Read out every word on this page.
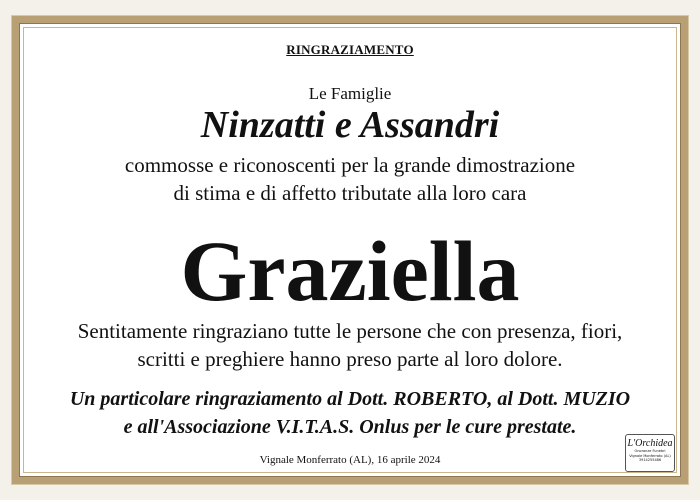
RINGRAZIAMENTO
Le Famiglie
Ninzatti e Assandri
commosse e riconoscenti per la grande dimostrazione
di stima e di affetto tributate alla loro cara
Graziella
Sentitamente ringraziano tutte le persone che con presenza, fiori,
scritti e preghiere hanno preso parte al loro dolore.
Un particolare ringraziamento al Dott. ROBERTO, al Dott. MUZIO
e all'Associazione V.I.T.A.S. Onlus per le cure prestate.
Vignale Monferrato (AL), 16 aprile 2024
L'Orchidea
Onoranze Funebri
Vignale Monferrato (AL)
3914255486
